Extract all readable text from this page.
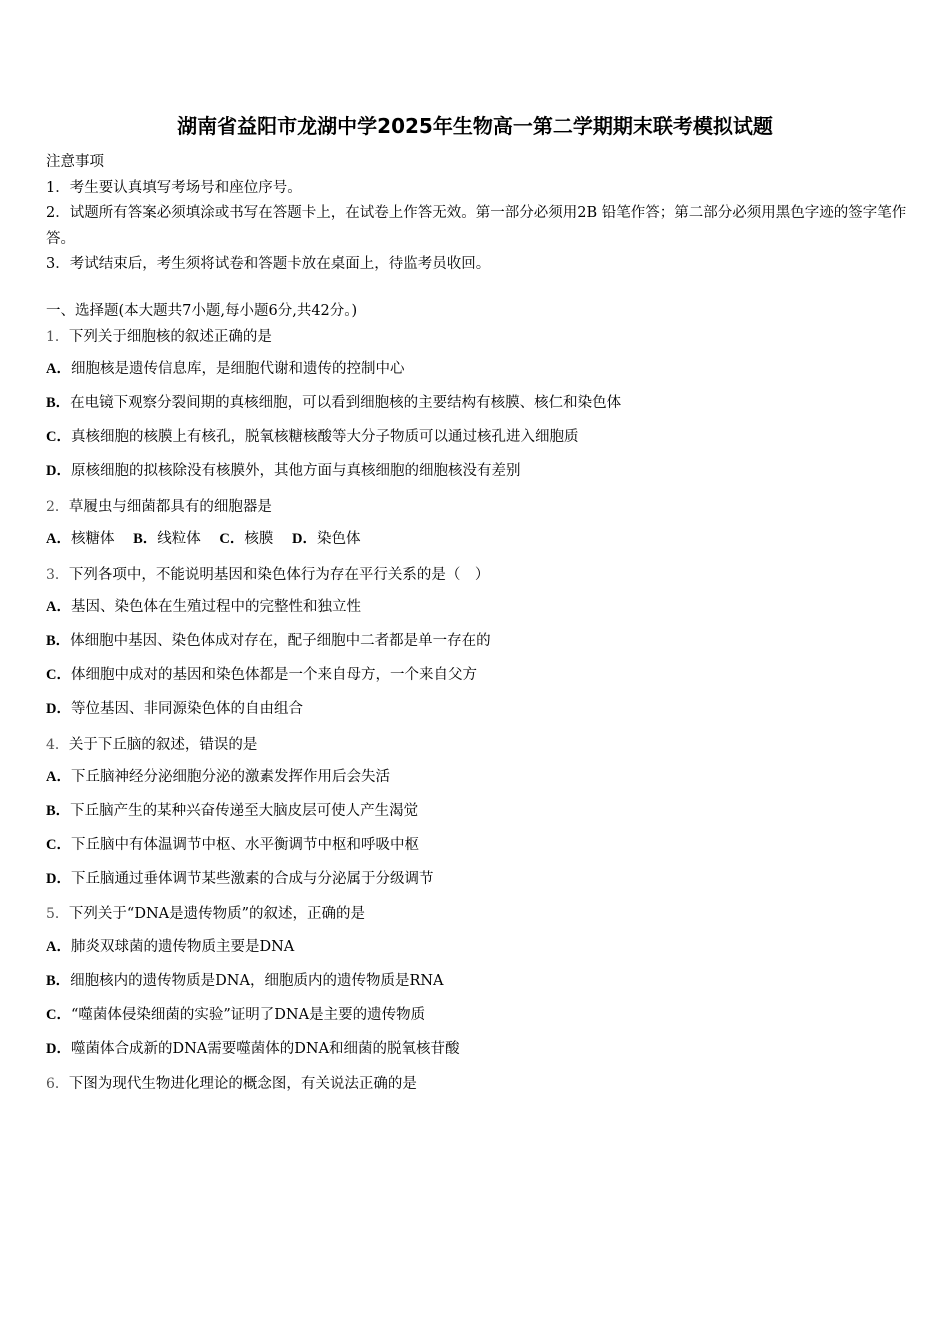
湖南省益阳市龙湖中学2025年生物高一第二学期期末联考模拟试题
注意事项
1．考生要认真填写考场号和座位序号。
2．试题所有答案必须填涂或书写在答题卡上，在试卷上作答无效。第一部分必须用2B 铅笔作答；第二部分必须用黑色字迹的签字笔作答。
3．考试结束后，考生须将试卷和答题卡放在桌面上，待监考员收回。
一、选择题(本大题共7小题,每小题6分,共42分。)
1．下列关于细胞核的叙述正确的是
A．细胞核是遗传信息库，是细胞代谢和遗传的控制中心
B．在电镜下观察分裂间期的真核细胞，可以看到细胞核的主要结构有核膜、核仁和染色体
C．真核细胞的核膜上有核孔，脱氧核糖核酸等大分子物质可以通过核孔进入细胞质
D．原核细胞的拟核除没有核膜外，其他方面与真核细胞的细胞核没有差别
2．草履虫与细菌都具有的细胞器是
A．核糖体 B．线粒体 C．核膜 D．染色体
3．下列各项中，不能说明基因和染色体行为存在平行关系的是（　）
A．基因、染色体在生殖过程中的完整性和独立性
B．体细胞中基因、染色体成对存在，配子细胞中二者都是单一存在的
C．体细胞中成对的基因和染色体都是一个来自母方，一个来自父方
D．等位基因、非同源染色体的自由组合
4．关于下丘脑的叙述，错误的是
A．下丘脑神经分泌细胞分泌的激素发挥作用后会失活
B．下丘脑产生的某种兴奋传递至大脑皮层可使人产生渴觉
C．下丘脑中有体温调节中枢、水平衡调节中枢和呼吸中枢
D．下丘脑通过垂体调节某些激素的合成与分泌属于分级调节
5．下列关于“DNA是遗传物质”的叙述，正确的是
A．肺炎双球菌的遗传物质主要是DNA
B．细胞核内的遗传物质是DNA，细胞质内的遗传物质是RNA
C．“噬菌体侵染细菌的实验”证明了DNA是主要的遗传物质
D．噬菌体合成新的DNA需要噬菌体的DNA和细菌的脱氧核苷酸
6．下图为现代生物进化理论的概念图，有关说法正确的是
